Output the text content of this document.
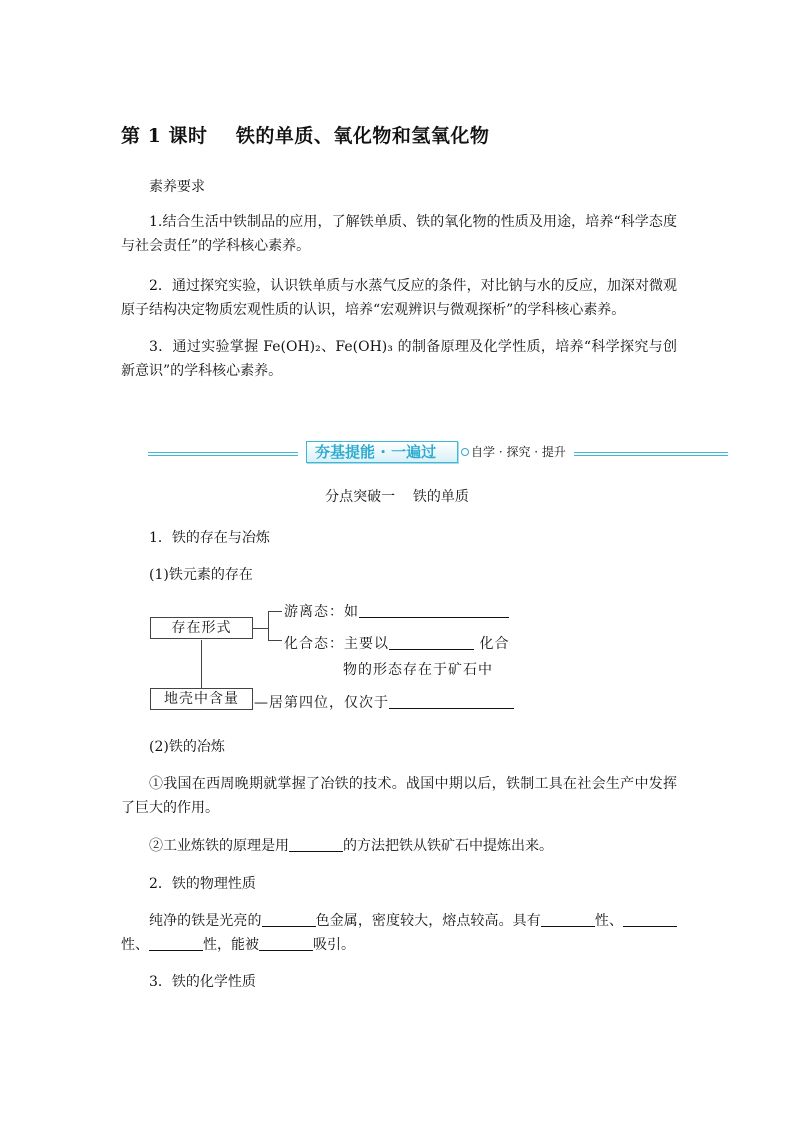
第 1 课时    铁的单质、氧化物和氢氧化物
素养要求
1.结合生活中铁制品的应用，了解铁单质、铁的氧化物的性质及用途，培养“科学态度与社会责任”的学科核心素养。
2．通过探究实验，认识铁单质与水蒸气反应的条件，对比钠与水的反应，加深对微观原子结构决定物质宏观性质的认识，培养“宏观辨识与微观探析”的学科核心素养。
3．通过实验掌握 Fe(OH)₂、Fe(OH)₃ 的制备原理及化学性质，培养“科学探究与创新意识”的学科核心素养。
夯基提能 · 一遍过	自学 · 探究 · 提升
分点突破一    铁的单质
1．铁的存在与冶炼
(1)铁元素的存在
存在形式
地壳中含量
游离态：如
化合态：主要以	化合
物的形态存在于矿石中
—居第四位，仅次于
(2)铁的冶炼
①我国在西周晚期就掌握了冶铁的技术。战国中期以后，铁制工具在社会生产中发挥了巨大的作用。
②工业炼铁的原理是用	的方法把铁从铁矿石中提炼出来。
2．铁的物理性质
纯净的铁是光亮的	色金属，密度较大，熔点较高。具有	性、性、	性，能被	吸引。
3．铁的化学性质
